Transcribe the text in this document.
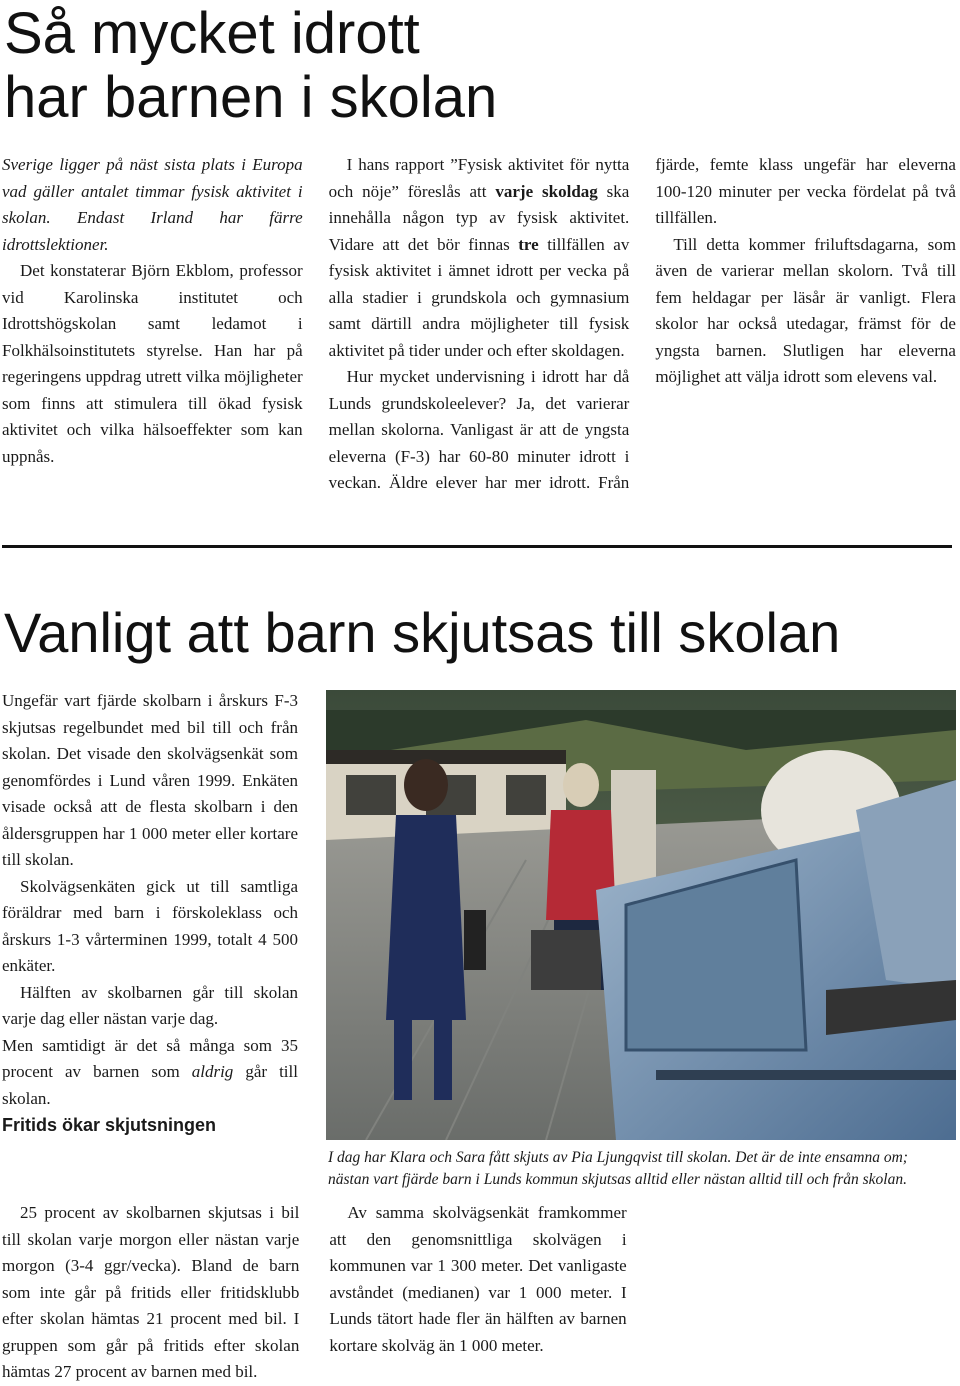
Så mycket idrott
har barnen i skolan

Sverige ligger på näst sista plats i Europa vad gäller antalet timmar fysisk aktivitet i skolan. Endast Irland har färre idrottslektioner.

Det konstaterar Björn Ekblom, professor vid Karolinska institutet och Idrottshögskolan samt ledamot i Folkhälsoinstitutets styrelse. Han har på regeringens uppdrag utrett vilka möjligheter som finns att stimulera till ökad fysisk aktivitet och vilka hälsoeffekter som kan uppnås.

I hans rapport ”Fysisk aktivitet för nytta och nöje” föreslås att varje skoldag ska innehålla någon typ av fysisk aktivitet. Vidare att det bör finnas tre tillfällen av fysisk aktivitet i ämnet idrott per vecka på alla stadier i grundskola och gymnasium samt därtill andra möjligheter till fysisk aktivitet på tider under och efter skoldagen.

Hur mycket undervisning i idrott har då Lunds grundskoleelever? Ja, det varierar mellan skolorna. Vanligast är att de yngsta eleverna (F-3) har 60-80 minuter idrott i veckan. Äldre elever har mer idrott. Från fjärde, femte klass ungefär har eleverna 100-120 minuter per vecka fördelat på två tillfällen.

Till detta kommer friluftsdagarna, som även de varierar mellan skolorn. Två till fem heldagar per läsår är vanligt. Flera skolor har också utedagar, främst för de yngsta barnen. Slutligen har eleverna möjlighet att välja idrott som elevens val.

Vanligt att barn skjutsas till skolan

Ungefär vart fjärde skolbarn i årskurs F-3 skjutsas regelbundet med bil till och från skolan. Det visade den skolvägsenkät som genomfördes i Lund våren 1999. Enkäten visade också att de flesta skolbarn i den åldersgruppen har 1 000 meter eller kortare till skolan.

Skolvägsenkäten gick ut till samtliga föräldrar med barn i förskoleklass och årskurs 1-3 vårterminen 1999, totalt 4 500 enkäter.

Hälften av skolbarnen går till skolan varje dag eller nästan varje dag.

Men samtidigt är det så många som 35 procent av barnen som aldrig går till skolan.

Fritids ökar skjutsningen

I dag har Klara och Sara fått skjuts av Pia Ljungqvist till skolan. Det är de inte ensamna om; nästan vart fjärde barn i Lunds kommun skjutsas alltid eller nästan alltid till och från skolan.

25 procent av skolbarnen skjutsas i bil till skolan varje morgon eller nästan varje morgon (3-4 ggr/vecka). Bland de barn som inte går på fritids eller fritidsklubb efter skolan hämtas 21 procent med bil. I gruppen som går på fritids efter skolan hämtas 27 procent av barnen med bil.

Av samma skolvägsenkät framkommer att den genomsnittliga skolvägen i kommunen var 1 300 meter. Det vanligaste avståndet (medianen) var 1 000 meter. I Lunds tätort hade fler än hälften av barnen kortare skolväg än 1 000 meter.
